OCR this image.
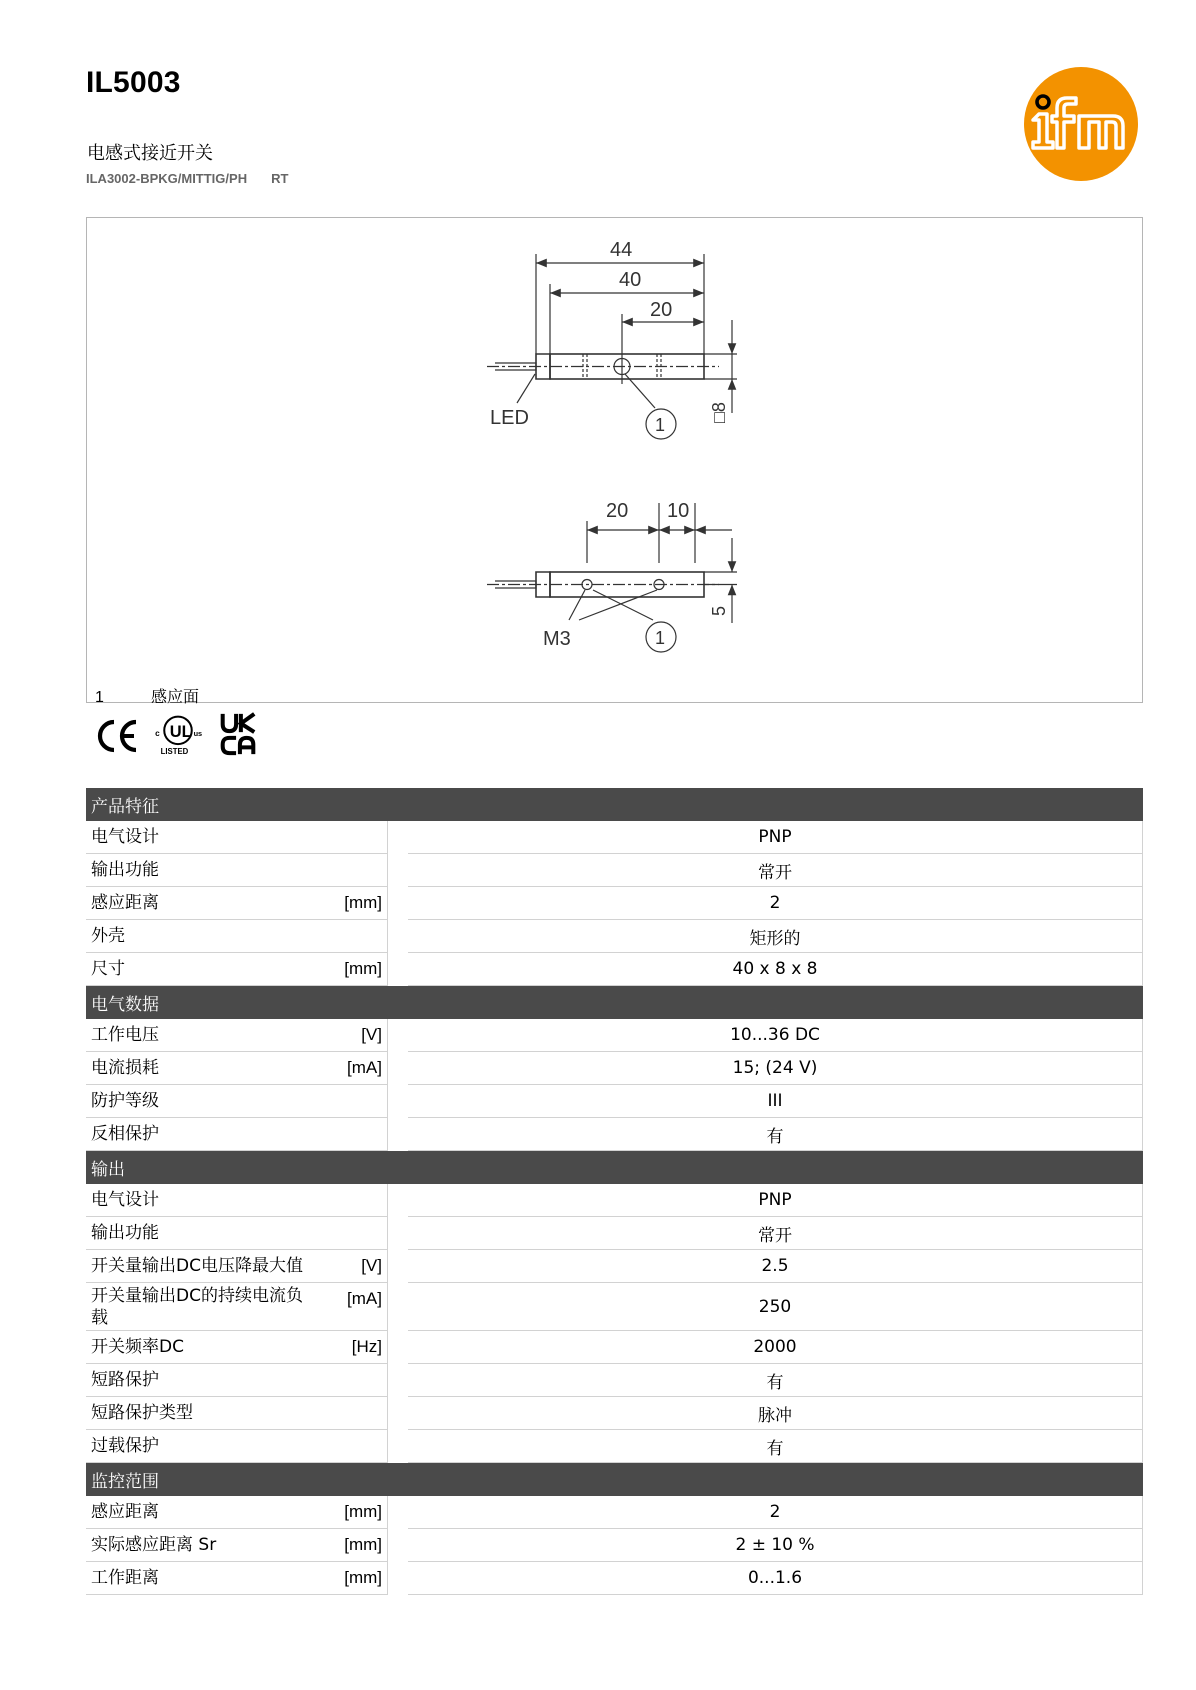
IL5003
电感式接近开关
ILA3002-BPKG/MITTIG/PH RT
44
40
20
LED	1
□8
20 10
5
M3	1
1	感应面
UL
c	us
LISTED
产品特征		

电气设计		PNP

输出功能		常开

感应距离 [mm]		2

外壳		矩形的

尺寸 [mm]		40 x 8 x 8
电气数据		

工作电压 [V]		10...36 DC

电流损耗 [mA]		15; (24 V)

防护等级		III

反相保护		有
输出		

电气设计		PNP

输出功能		常开

开关量输出DC电压降最大值 [V]		2.5

开关量输出DC的持续电流负载
[mA]		250

开关频率DC [Hz]		2000

短路保护		有

短路保护类型		脉冲

过载保护		有
监控范围		

感应距离 [mm]		2

实际感应距离 Sr [mm]		2 ± 10 %

工作距离 [mm]		0...1.6
